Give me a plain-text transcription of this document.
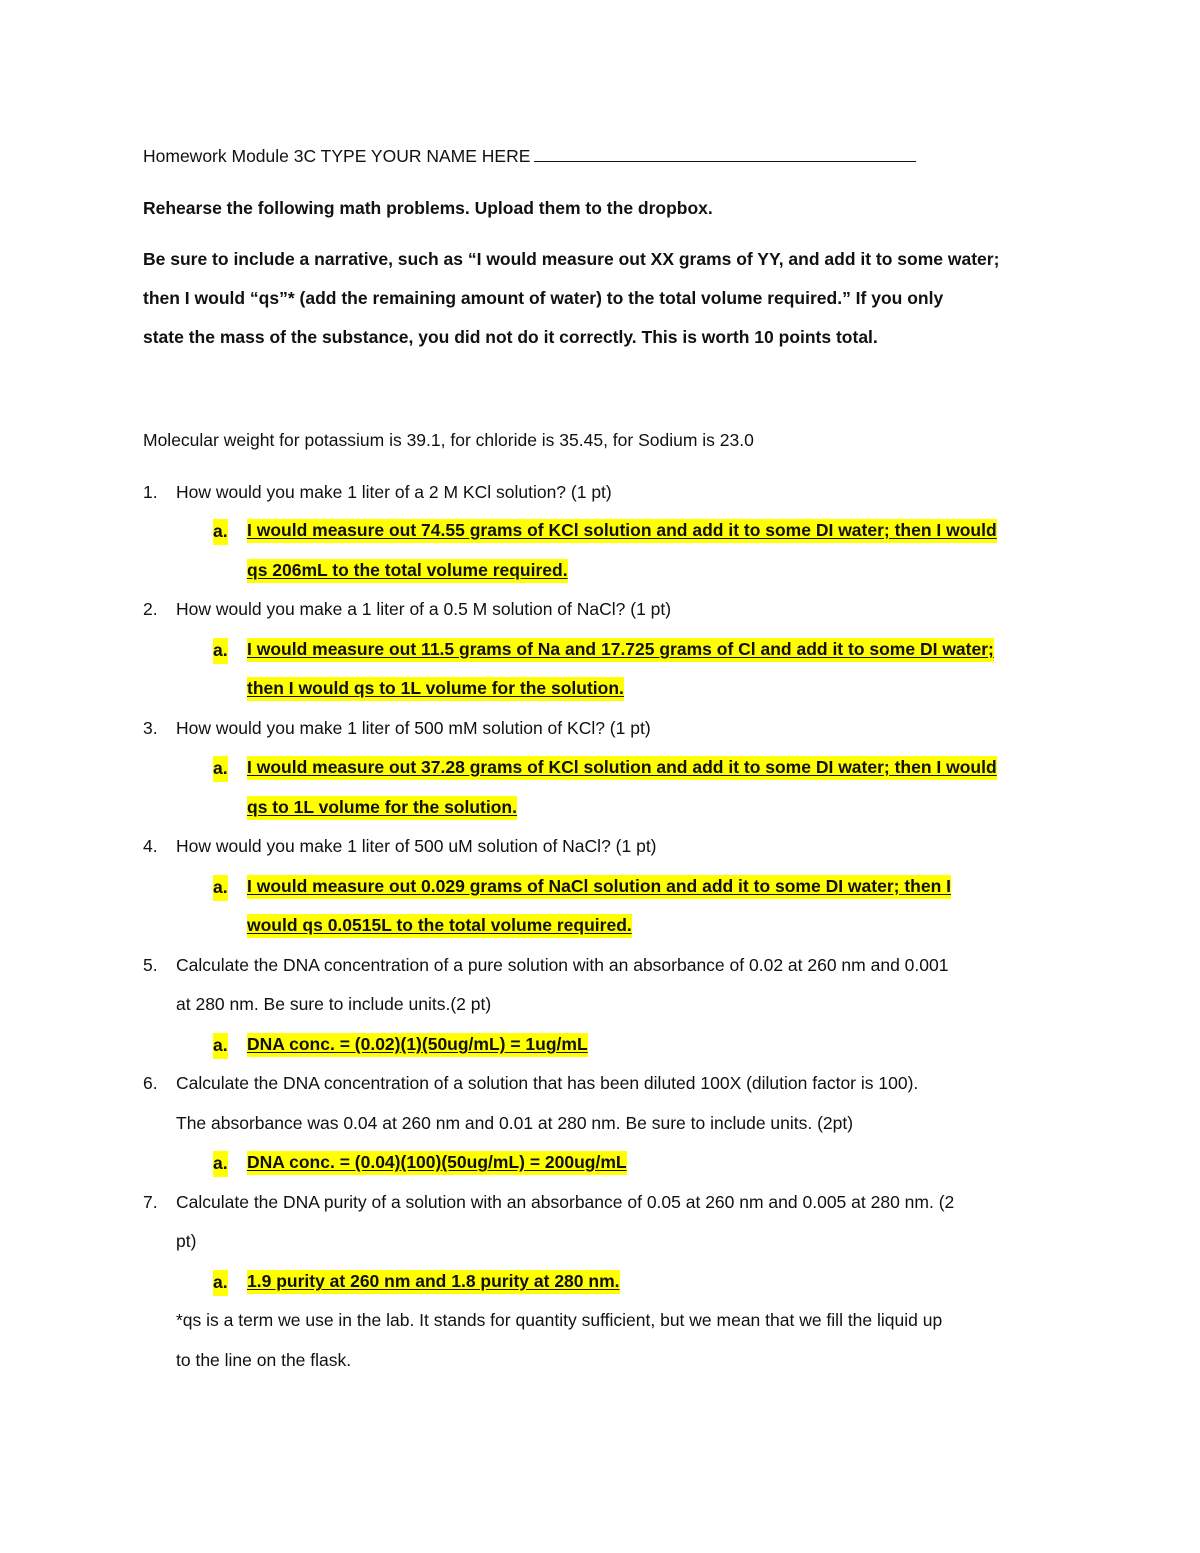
Homework Module 3C TYPE YOUR NAME HERE
Rehearse the following math problems. Upload them to the dropbox.
Be sure to include a narrative, such as “I would measure out XX grams of YY, and add it to some water;
then I would “qs”* (add the remaining amount of water) to the total volume required.” If you only
state the mass of the substance, you did not do it correctly. This is worth 10 points total.
Molecular weight for potassium is 39.1, for chloride is 35.45, for Sodium is 23.0
1. How would you make 1 liter of a 2 M KCl solution? (1 pt)
a. I would measure out 74.55 grams of KCl solution and add it to some DI water; then I would
qs 206mL to the total volume required.
2. How would you make a 1 liter of a 0.5 M solution of NaCl? (1 pt)
a. I would measure out 11.5 grams of Na and 17.725 grams of Cl and add it to some DI water;
then I would qs to 1L volume for the solution.
3. How would you make 1 liter of 500 mM solution of KCl? (1 pt)
a. I would measure out 37.28 grams of KCl solution and add it to some DI water; then I would
qs to 1L volume for the solution.
4. How would you make 1 liter of 500 uM solution of NaCl? (1 pt)
a. I would measure out 0.029 grams of NaCl solution and add it to some DI water; then I
would qs 0.0515L to the total volume required.
5. Calculate the DNA concentration of a pure solution with an absorbance of 0.02 at 260 nm and 0.001
at 280 nm. Be sure to include units.(2 pt)
a. DNA conc. = (0.02)(1)(50ug/mL) = 1ug/mL
6. Calculate the DNA concentration of a solution that has been diluted 100X (dilution factor is 100).
The absorbance was 0.04 at 260 nm and 0.01 at 280 nm. Be sure to include units. (2pt)
a. DNA conc. = (0.04)(100)(50ug/mL) = 200ug/mL
7. Calculate the DNA purity of a solution with an absorbance of 0.05 at 260 nm and 0.005 at 280 nm. (2
pt)
a. 1.9 purity at 260 nm and 1.8 purity at 280 nm.
*qs is a term we use in the lab. It stands for quantity sufficient, but we mean that we fill the liquid up
to the line on the flask.
